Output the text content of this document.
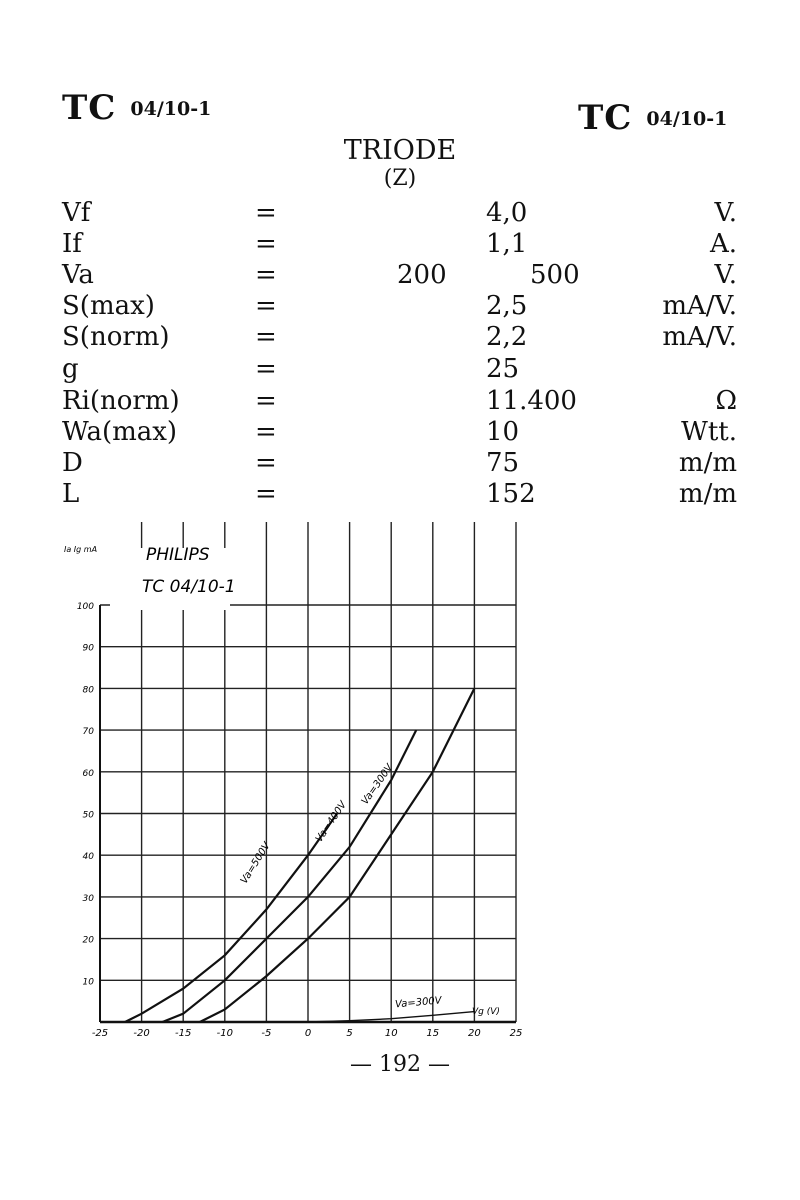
TC 04/10-1	TC 04/10-1
TRIODE
(Z)
Vf	=	4,0	V.
If	=	1,1	A.
Va	=	200	500	V.
S(max)	=	2,5	mA/V.
S(norm)	=	2,2	mA/V.
g	=	25
Ri(norm)	=	11.400	Ω
Wa(max)	=	10	Wtt.
D	=	75	m/m
L	=	152	m/m
-25	-20	-15	-10	-5	0	5	10	15	20	25
10
20
30
40
50
60
70
80
90
100
Va=500V
Va=400V
Va=300V
Va=300V
PHILIPS
TC 04/10-1
Ia Ig mA
Vg (V)
— 192 —
